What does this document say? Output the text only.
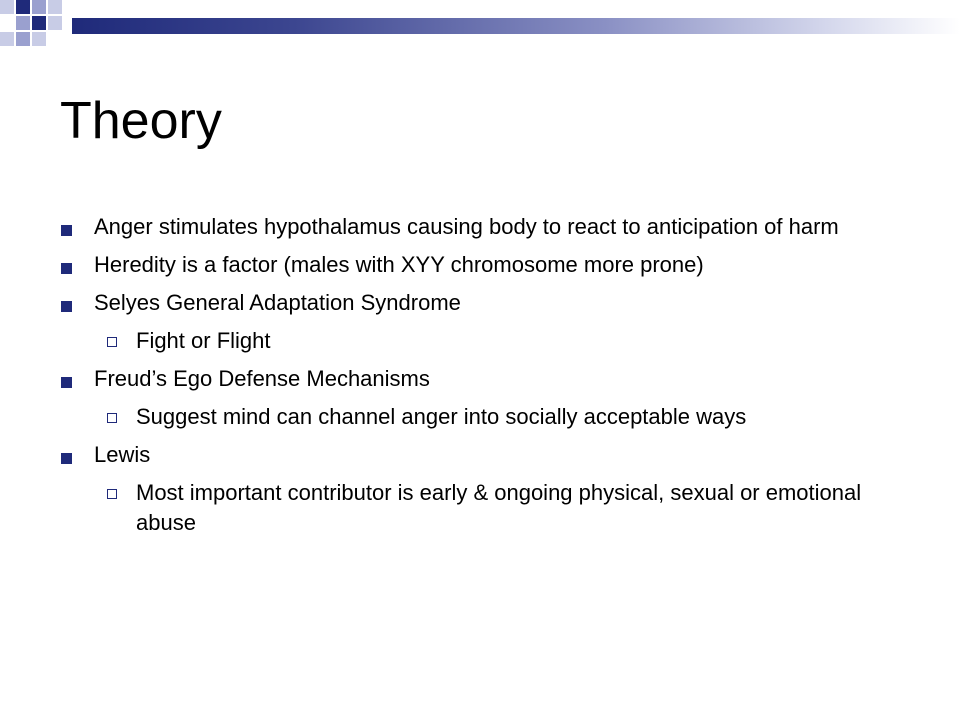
Theory
Anger stimulates hypothalamus causing body to react to anticipation of harm
Heredity is a factor (males with XYY chromosome more prone)
Selyes General Adaptation Syndrome
Fight or Flight
Freud’s Ego Defense Mechanisms
Suggest mind can channel anger into socially acceptable ways
Lewis
Most important contributor is early & ongoing physical, sexual or emotional abuse
